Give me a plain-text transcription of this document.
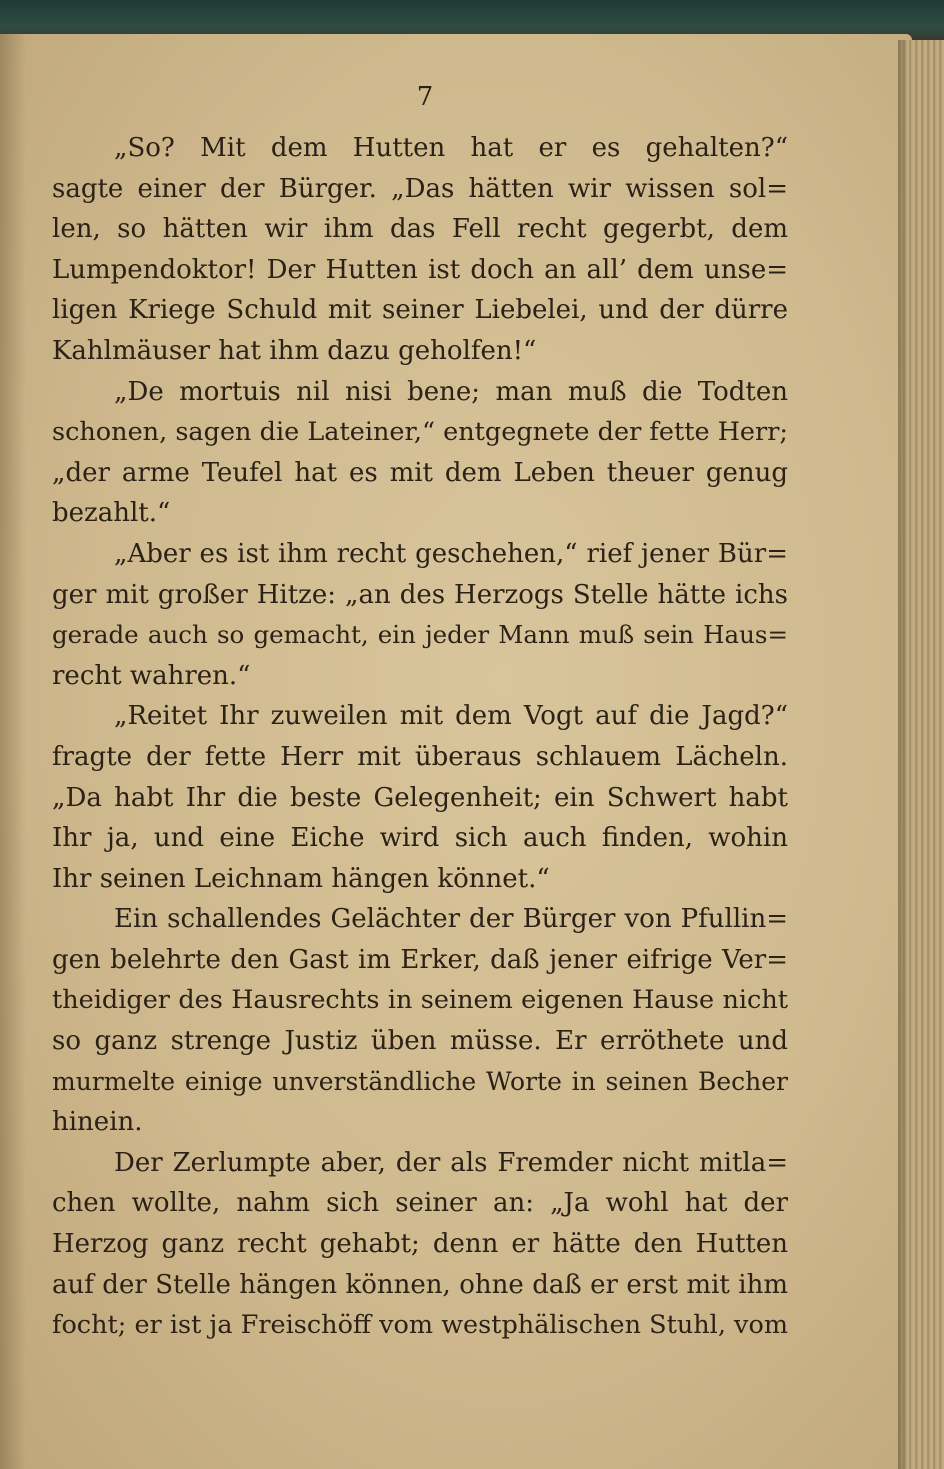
7
„So? Mit dem Hutten hat er es gehalten?“
sagte einer der Bürger. „Das hätten wir wissen sol=
len, so hätten wir ihm das Fell recht gegerbt, dem
Lumpendoktor! Der Hutten ist doch an all’ dem unse=
ligen Kriege Schuld mit seiner Liebelei, und der dürre
Kahlmäuser hat ihm dazu geholfen!“
„De mortuis nil nisi bene; man muß die Todten
schonen, sagen die Lateiner,“ entgegnete der fette Herr;
„der arme Teufel hat es mit dem Leben theuer genug
bezahlt.“
„Aber es ist ihm recht geschehen,“ rief jener Bür=
ger mit großer Hitze: „an des Herzogs Stelle hätte ichs
gerade auch so gemacht, ein jeder Mann muß sein Haus=
recht wahren.“
„Reitet Ihr zuweilen mit dem Vogt auf die Jagd?“
fragte der fette Herr mit überaus schlauem Lächeln.
„Da habt Ihr die beste Gelegenheit; ein Schwert habt
Ihr ja, und eine Eiche wird sich auch finden, wohin
Ihr seinen Leichnam hängen könnet.“
Ein schallendes Gelächter der Bürger von Pfullin=
gen belehrte den Gast im Erker, daß jener eifrige Ver=
theidiger des Hausrechts in seinem eigenen Hause nicht
so ganz strenge Justiz üben müsse. Er erröthete und
murmelte einige unverständliche Worte in seinen Becher
hinein.
Der Zerlumpte aber, der als Fremder nicht mitla=
chen wollte, nahm sich seiner an: „Ja wohl hat der
Herzog ganz recht gehabt; denn er hätte den Hutten
auf der Stelle hängen können, ohne daß er erst mit ihm
focht; er ist ja Freischöff vom westphälischen Stuhl, vom
